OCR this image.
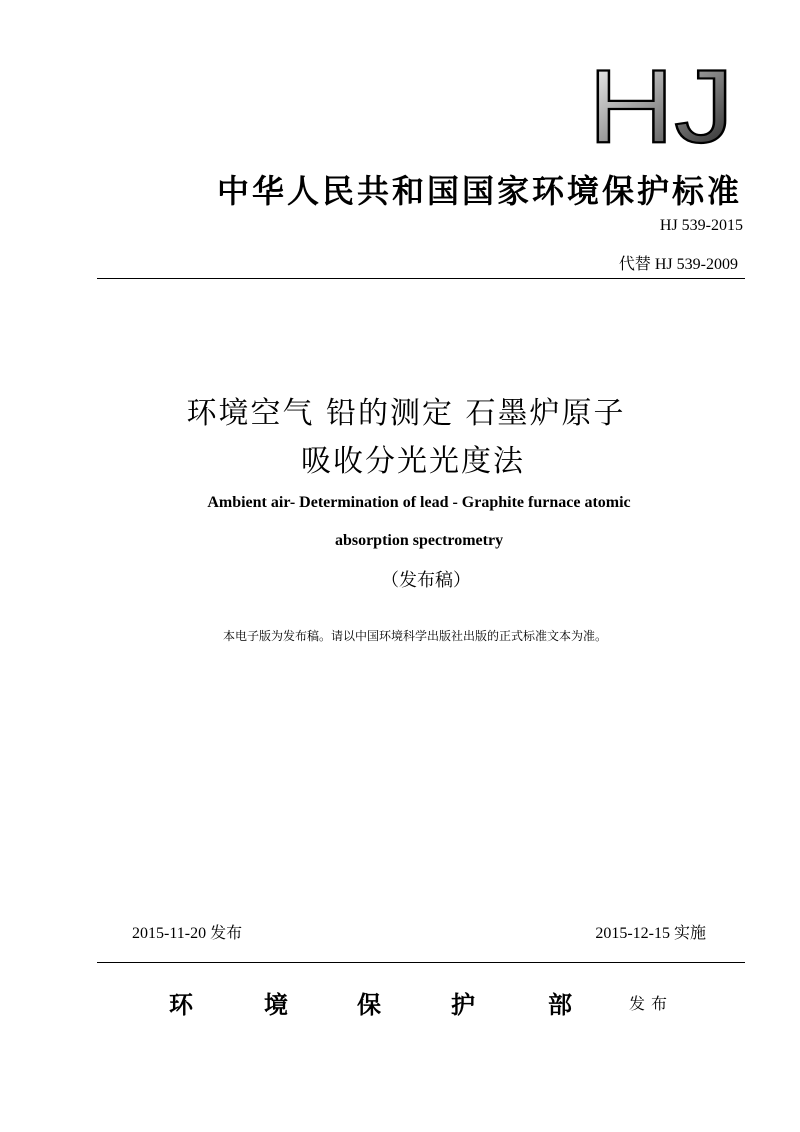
HJ
中华人民共和国国家环境保护标准
HJ 539-2015
代替 HJ 539-2009
环境空气 铅的测定 石墨炉原子
吸收分光光度法
Ambient air- Determination of lead - Graphite furnace atomic
absorption spectrometry
（发布稿）
本电子版为发布稿。请以中国环境科学出版社出版的正式标准文本为准。
2015-11-20 发布	2015-12-15 实施
环	境	保	护	部	发布
